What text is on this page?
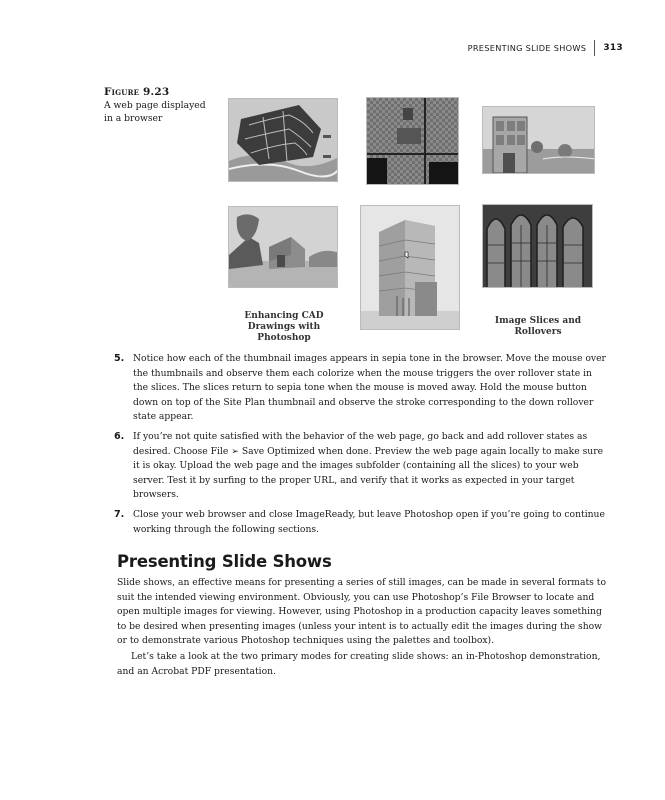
PRESENTING SLIDE SHOWS	313
Figure 9.23
A web page displayed in a browser
Enhancing CAD Drawings with Photoshop
Image Slices and Rollovers
5. Notice how each of the thumbnail images appears in sepia tone in the browser. Move the mouse over the thumbnails and observe them each colorize when the mouse triggers the over rollover state in the slices. The slices return to sepia tone when the mouse is moved away. Hold the mouse button down on top of the Site Plan thumbnail and observe the stroke corresponding to the down rollover state appear.

6. If you’re not quite satisfied with the behavior of the web page, go back and add rollover states as desired. Choose File ➢ Save Optimized when done. Preview the web page again locally to make sure it is okay. Upload the web page and the images subfolder (containing all the slices) to your web server. Test it by surfing to the proper URL, and verify that it works as expected in your target browsers.

7. Close your web browser and close ImageReady, but leave Photoshop open if you’re going to continue working through the following sections.

Presenting Slide Shows

Slide shows, an effective means for presenting a series of still images, can be made in several formats to suit the intended viewing environment. Obviously, you can use Photoshop’s File Browser to locate and open multiple images for viewing. However, using Photoshop in a production capacity leaves something to be desired when presenting images (unless your intent is to actually edit the images during the show or to demonstrate various Photoshop techniques using the palettes and toolbox).

Let’s take a look at the two primary modes for creating slide shows: an in-Photoshop demonstration, and an Acrobat PDF presentation.
